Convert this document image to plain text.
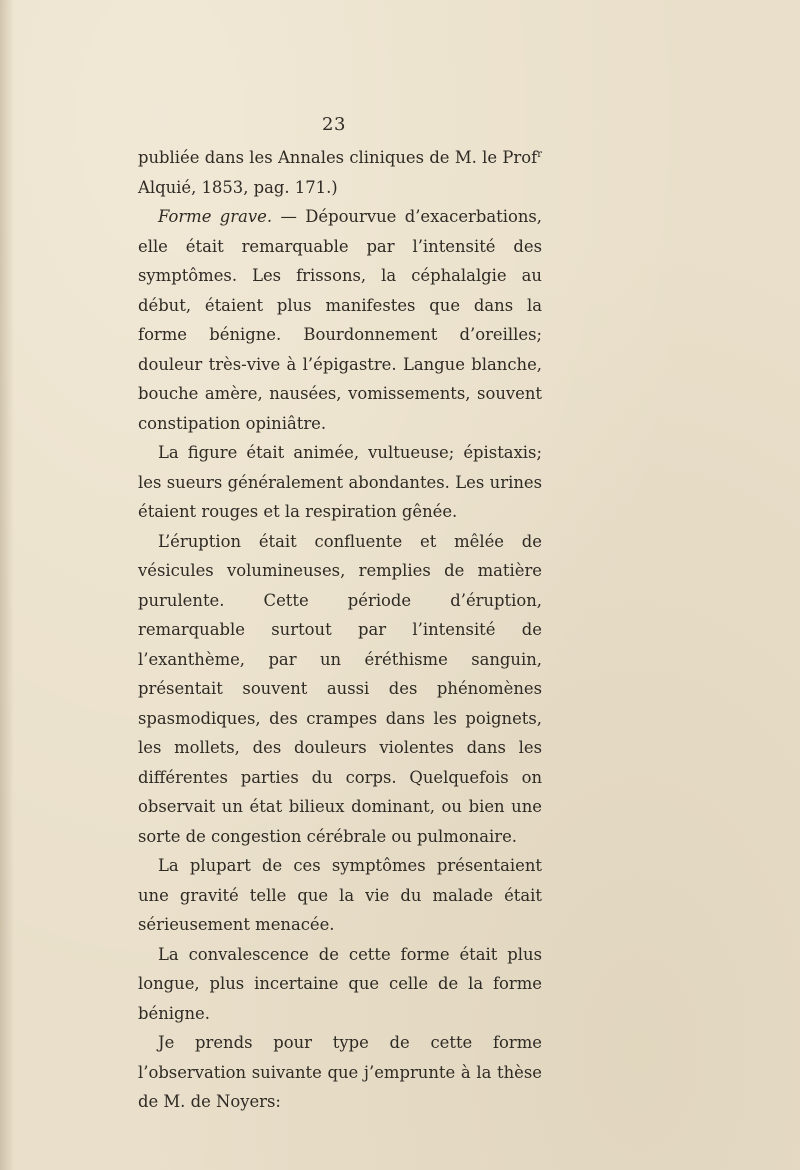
23

publiée dans les Annales cliniques de M. le Prof$^r$ Alquié, 1853, pag. 171.)

Forme grave. — Dépourvue d’exacerbations, elle était remarquable par l’intensité des symptômes. Les frissons, la céphalalgie au début, étaient plus manifestes que dans la forme bénigne. Bourdonnement d’oreilles; douleur très-vive à l’épigastre. Langue blanche, bouche amère, nausées, vomissements, souvent constipation opiniâtre.

La figure était animée, vultueuse; épistaxis; les sueurs généralement abondantes. Les urines étaient rouges et la respiration gênée.

L’éruption était confluente et mêlée de vésicules volumineuses, remplies de matière purulente. Cette période d’éruption, remarquable surtout par l’intensité de l’exanthème, par un éréthisme sanguin, présentait souvent aussi des phénomènes spasmodiques, des crampes dans les poignets, les mollets, des douleurs violentes dans les différentes parties du corps. Quelquefois on observait un état bilieux dominant, ou bien une sorte de congestion cérébrale ou pulmonaire.

La plupart de ces symptômes présentaient une gravité telle que la vie du malade était sérieusement menacée.

La convalescence de cette forme était plus longue, plus incertaine que celle de la forme bénigne.

Je prends pour type de cette forme l’observation suivante que j’emprunte à la thèse de M. de Noyers:
